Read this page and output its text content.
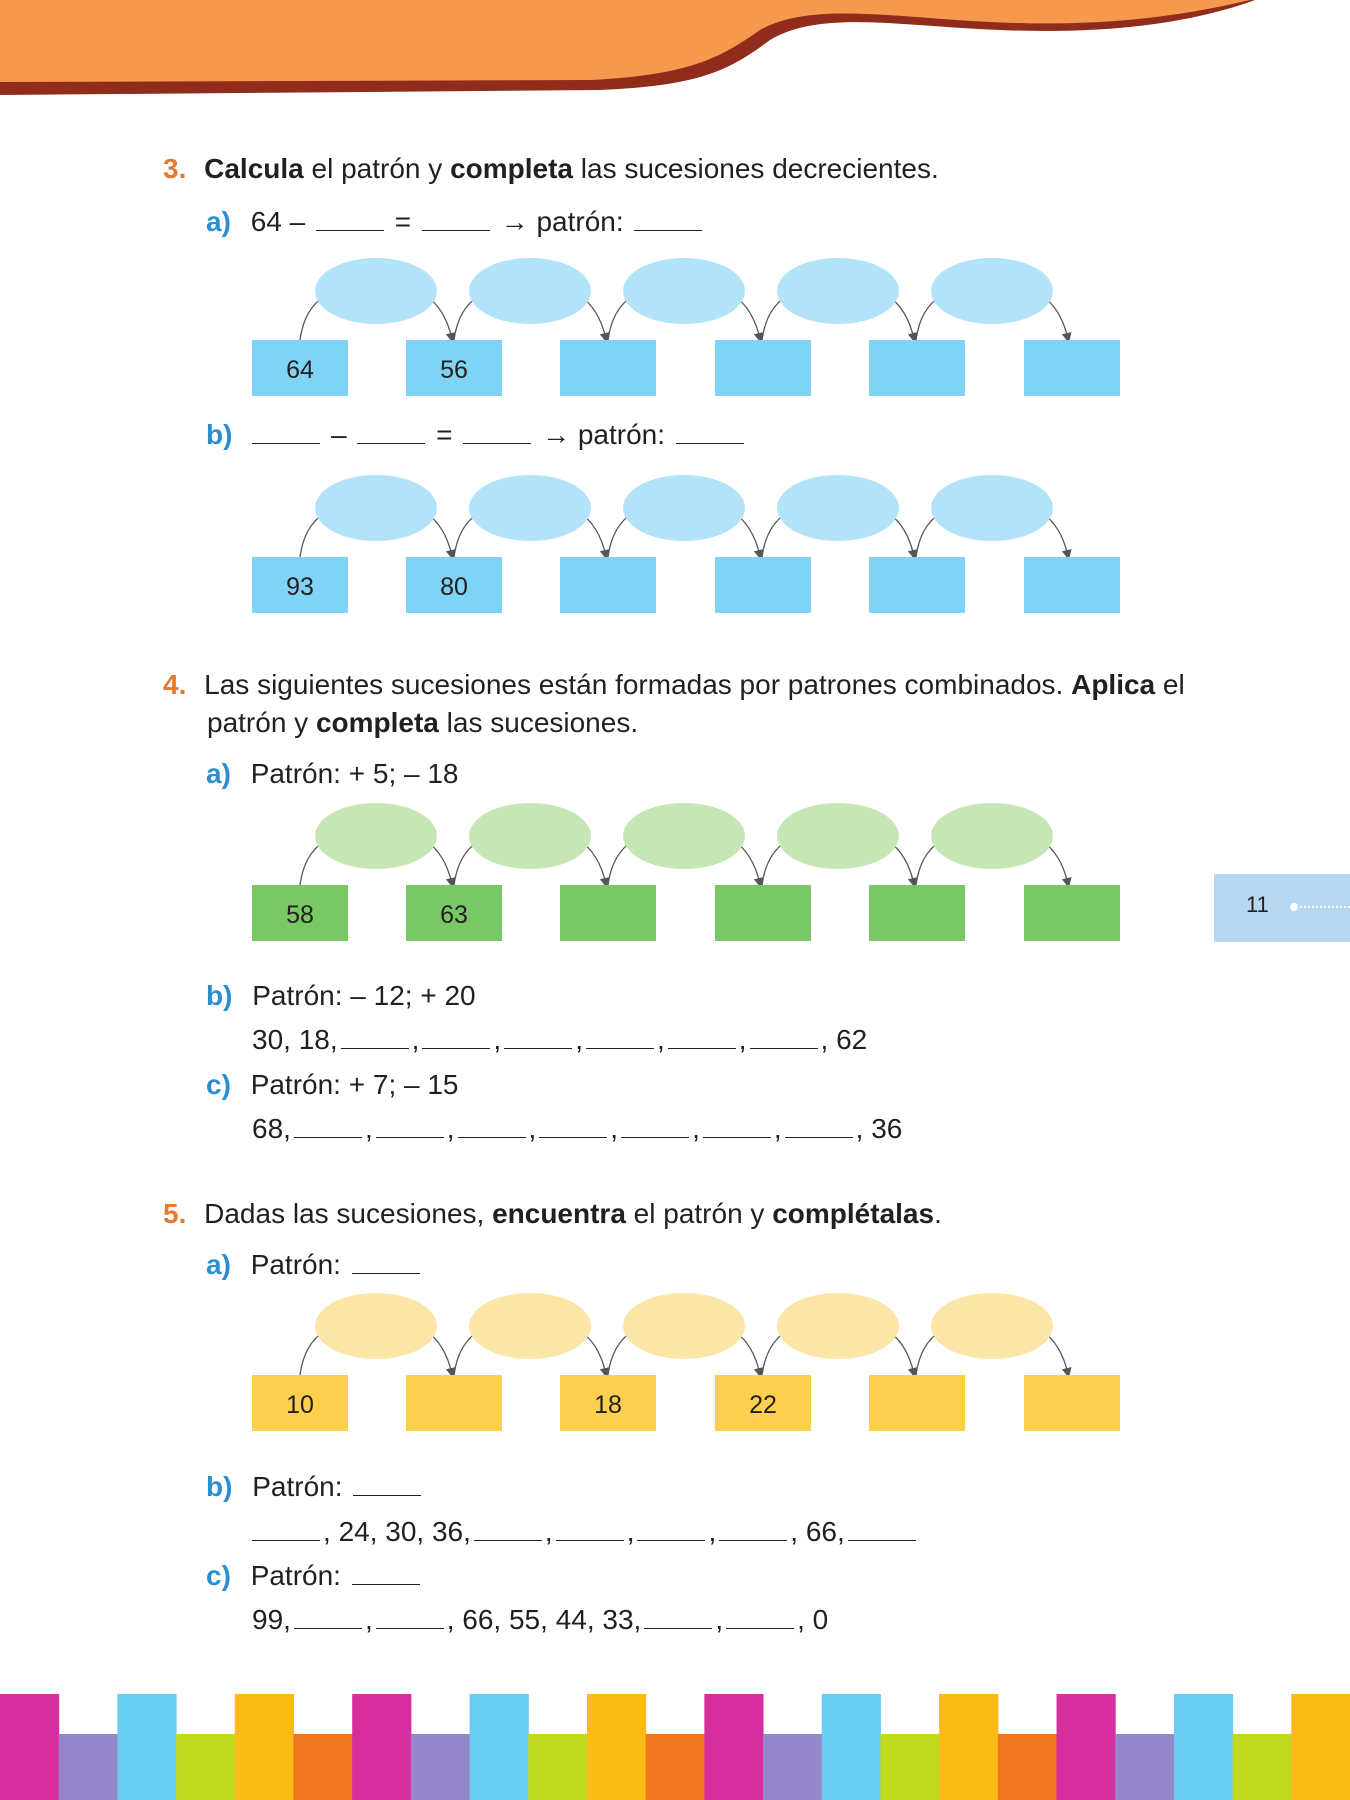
3. Calcula el patrón y completa las sucesiones decrecientes.
a) 64 –	=	→ patrón:
64	56
b)	–	=	→ patrón:
93	80
4. Las siguientes sucesiones están formadas por patrones combinados. Aplica el
patrón y completa las sucesiones.
a) Patrón: + 5; – 18
58	63
b) Patrón: – 12; + 20
30, 18,	,	,	,	,	,	, 62
c) Patrón: + 7; – 15
68,	,	,	,	,	,	,	, 36
5. Dadas las sucesiones, encuentra el patrón y complétalas.
a) Patrón:
10	18	22
b) Patrón:
, 24, 30, 36,	,	,	,	, 66,
c) Patrón:
99,	,	, 66, 55, 44, 33,	,	, 0
11
